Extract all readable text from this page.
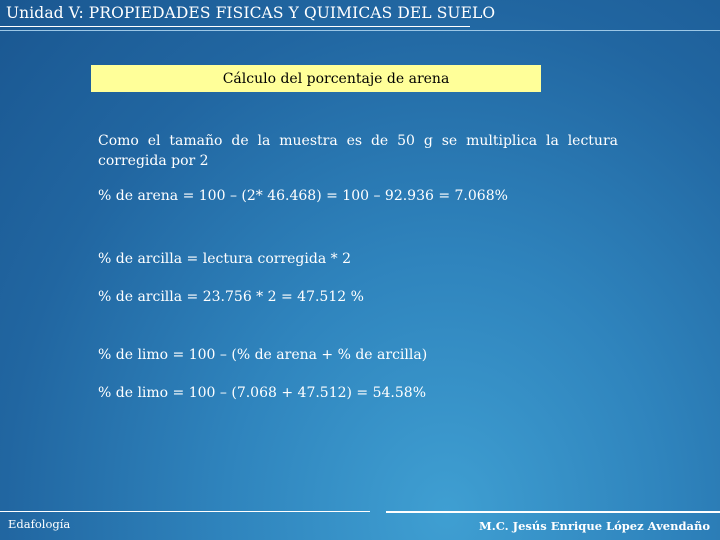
Unidad V: PROPIEDADES FISICAS Y QUIMICAS DEL SUELO
Cálculo del porcentaje de arena
Como el tamaño de la muestra es de 50 g se multiplica la lectura corregida por 2
% de arena = 100 – (2* 46.468) = 100 – 92.936 = 7.068%
% de arcilla = lectura corregida * 2
% de arcilla = 23.756 * 2 = 47.512 %
% de limo = 100 – (% de arena + % de arcilla)
% de limo = 100 – (7.068 + 47.512) = 54.58%
Edafología	M.C. Jesús Enrique López Avendaño
